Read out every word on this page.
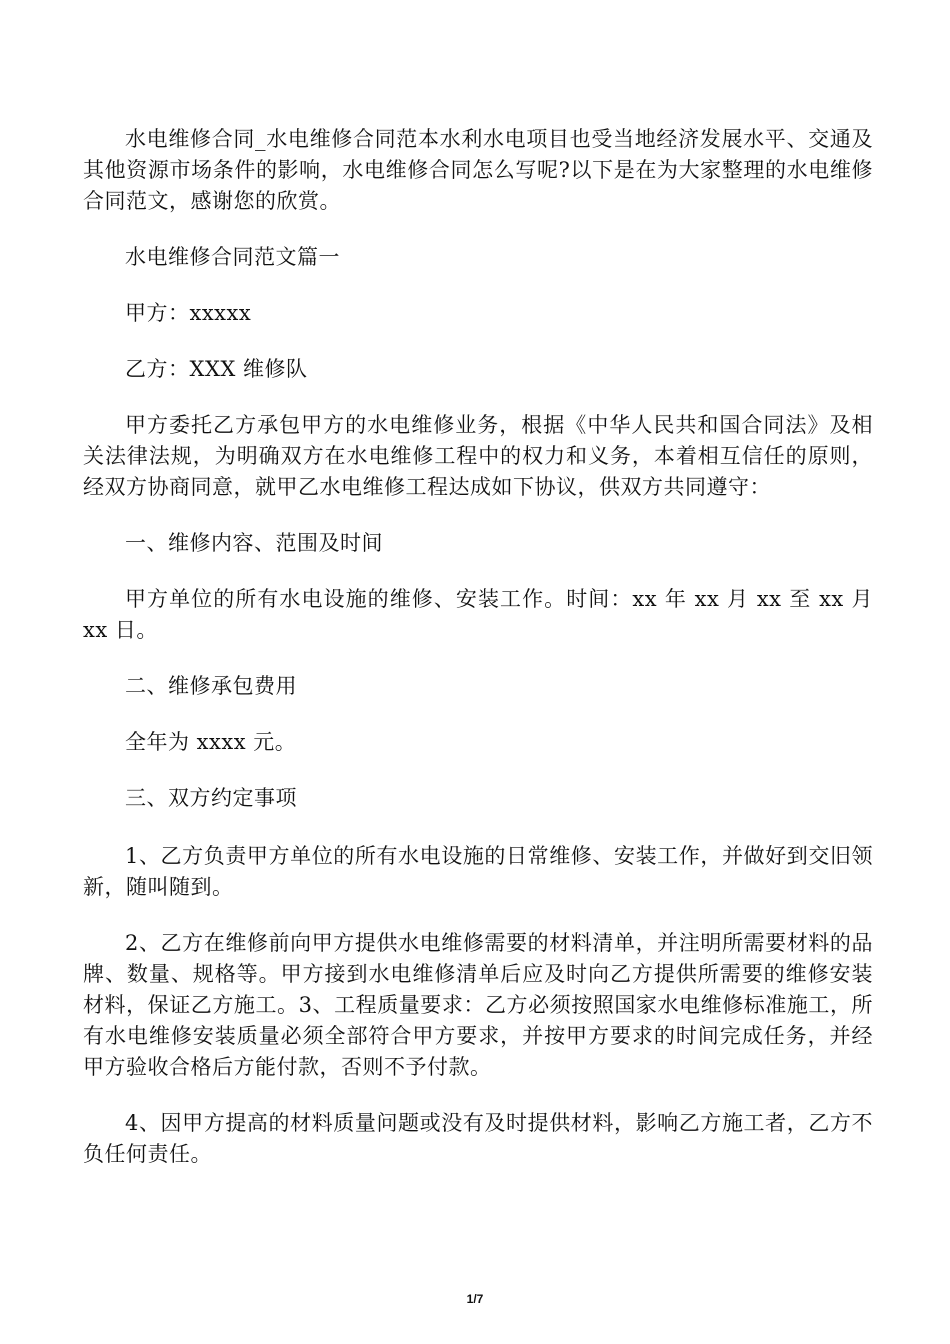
水电维修合同_水电维修合同范本水利水电项目也受当地经济发展水平、交通及其他资源市场条件的影响，水电维修合同怎么写呢?以下是在为大家整理的水电维修合同范文，感谢您的欣赏。

水电维修合同范文篇一

甲方：xxxxx

乙方：XXX 维修队

甲方委托乙方承包甲方的水电维修业务，根据《中华人民共和国合同法》及相关法律法规，为明确双方在水电维修工程中的权力和义务，本着相互信任的原则，经双方协商同意，就甲乙水电维修工程达成如下协议，供双方共同遵守：

一、维修内容、范围及时间

甲方单位的所有水电设施的维修、安装工作。时间：xx 年 xx 月 xx 至 xx 月 xx 日。

二、维修承包费用

全年为 xxxx 元。

三、双方约定事项

1、乙方负责甲方单位的所有水电设施的日常维修、安装工作，并做好到交旧领新，随叫随到。

2、乙方在维修前向甲方提供水电维修需要的材料清单，并注明所需要材料的品牌、数量、规格等。甲方接到水电维修清单后应及时向乙方提供所需要的维修安装材料，保证乙方施工。3、工程质量要求：乙方必须按照国家水电维修标准施工，所有水电维修安装质量必须全部符合甲方要求，并按甲方要求的时间完成任务，并经甲方验收合格后方能付款，否则不予付款。

4、因甲方提高的材料质量问题或没有及时提供材料，影响乙方施工者，乙方不负任何责任。

1/7
